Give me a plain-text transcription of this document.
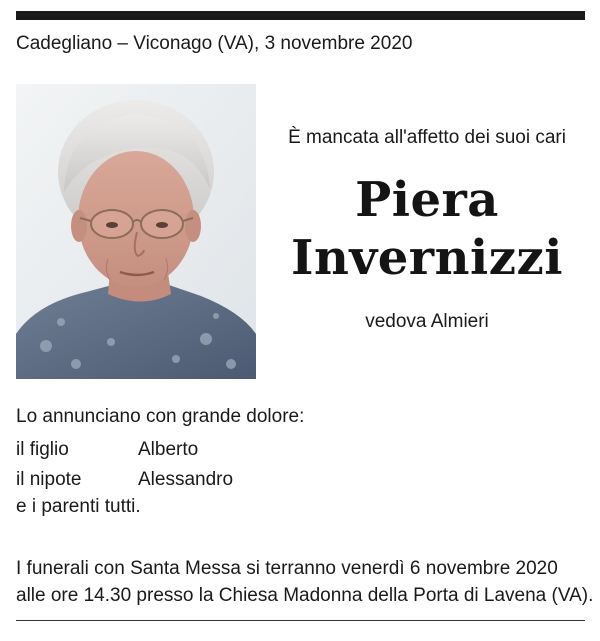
Cadegliano – Viconago (VA), 3 novembre 2020
È mancata all'affetto dei suoi cari
Piera
Invernizzi
vedova Almieri
Lo annunciano con grande dolore:
il figlio	Alberto
il nipote	Alessandro
e i parenti tutti.
I funerali con Santa Messa si terranno venerdì 6 novembre 2020
alle ore 14.30 presso la Chiesa Madonna della Porta di Lavena (VA).
